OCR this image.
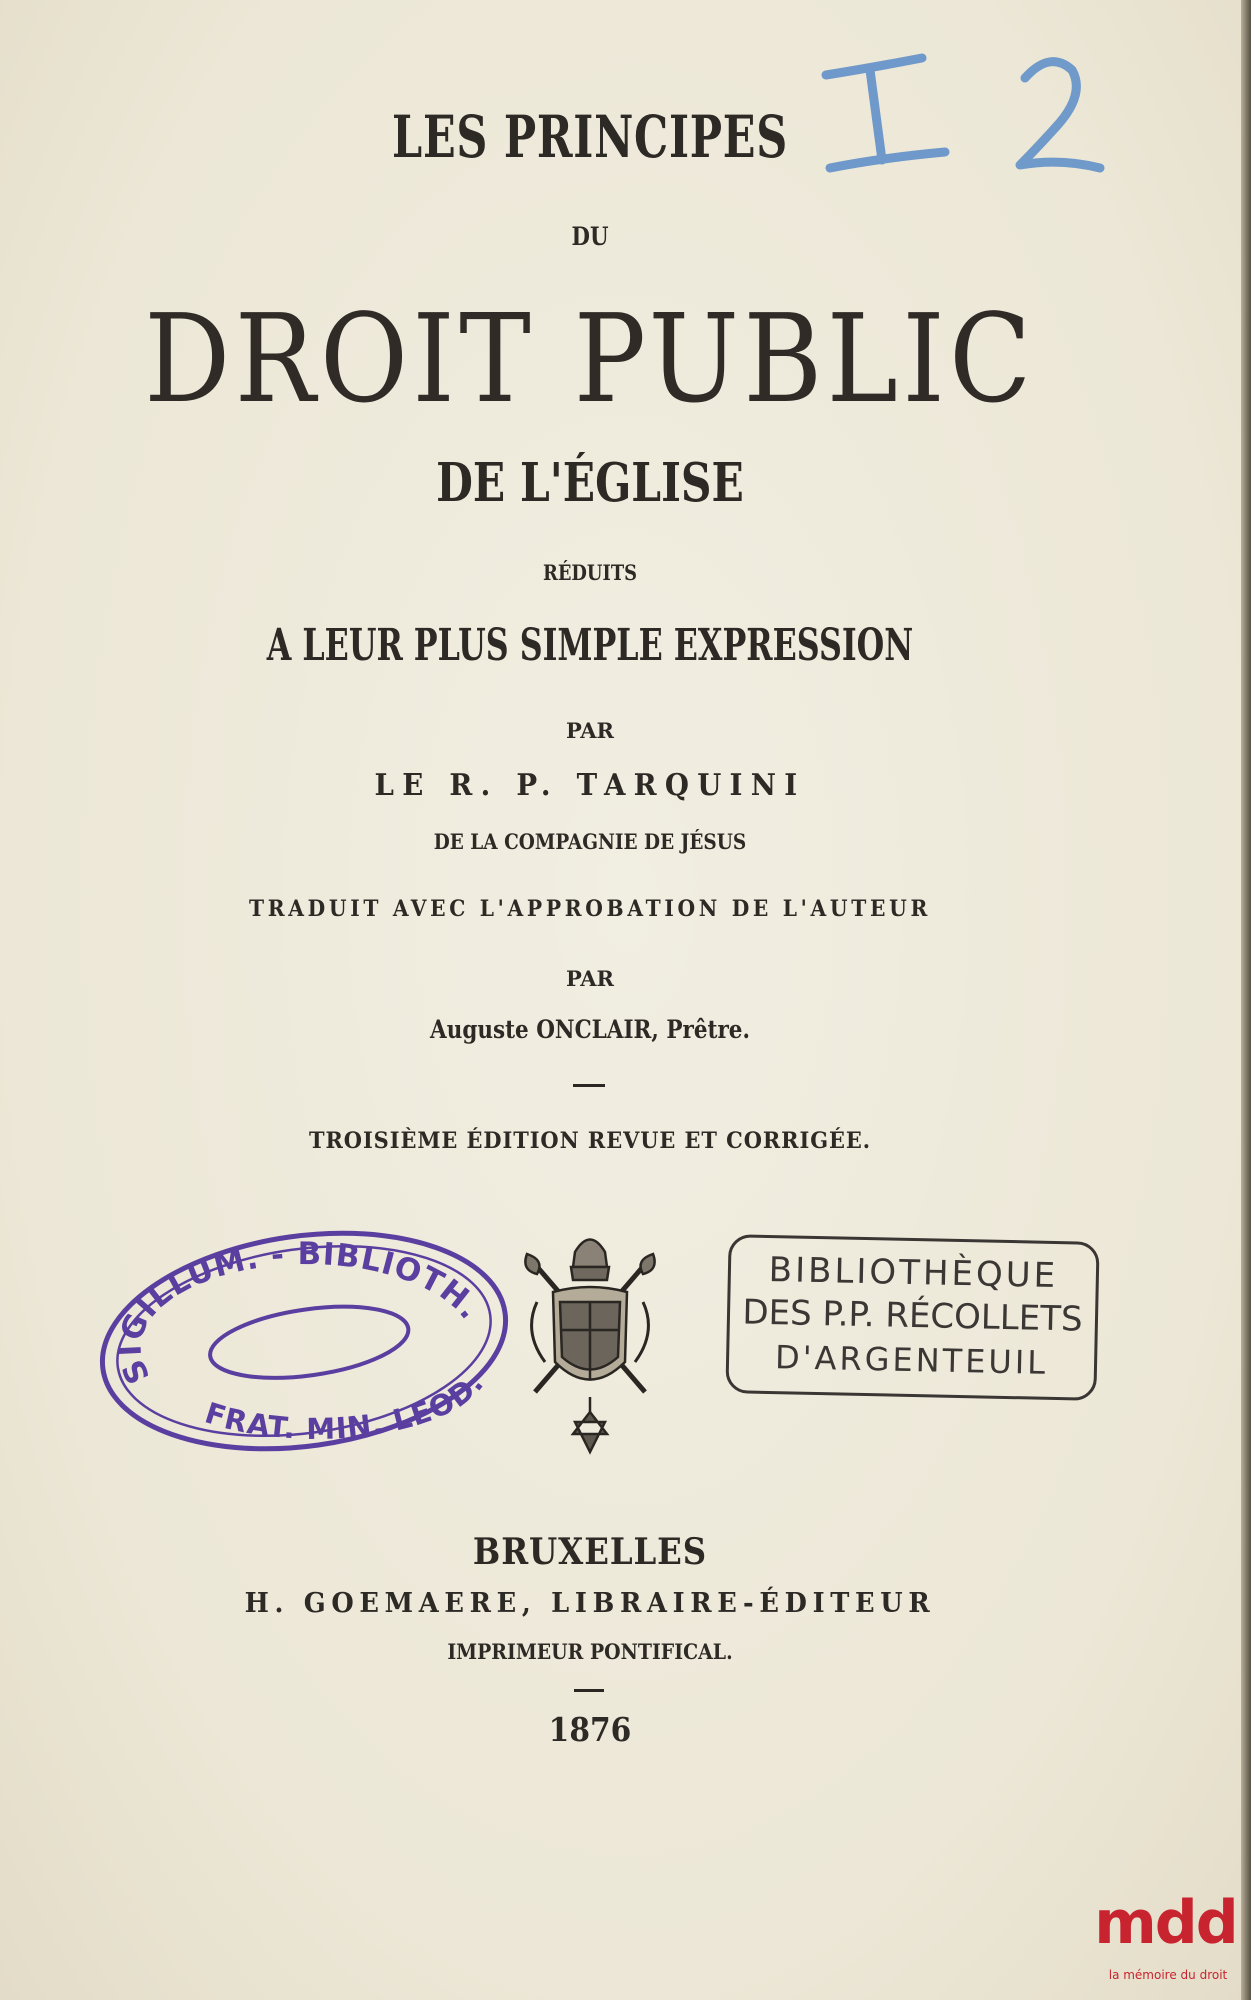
LES PRINCIPES
DU
DROIT PUBLIC
DE L'ÉGLISE
RÉDUITS
A LEUR PLUS SIMPLE EXPRESSION
PAR
LE R. P. TARQUINI
DE LA COMPAGNIE DE JÉSUS
TRADUIT AVEC L'APPROBATION DE L'AUTEUR
PAR
Auguste ONCLAIR, Prêtre.
TROISIÈME ÉDITION REVUE ET CORRIGÉE.
SIGILLUM. - BIBLIOTH.
FRAT. MIN. LEOD.
BIBLIOTHÈQUE
DES P.P. RÉCOLLETS
D'ARGENTEUIL
BRUXELLES
H. GOEMAERE, LIBRAIRE-ÉDITEUR
IMPRIMEUR PONTIFICAL.
1876
mdd
la mémoire du droit
